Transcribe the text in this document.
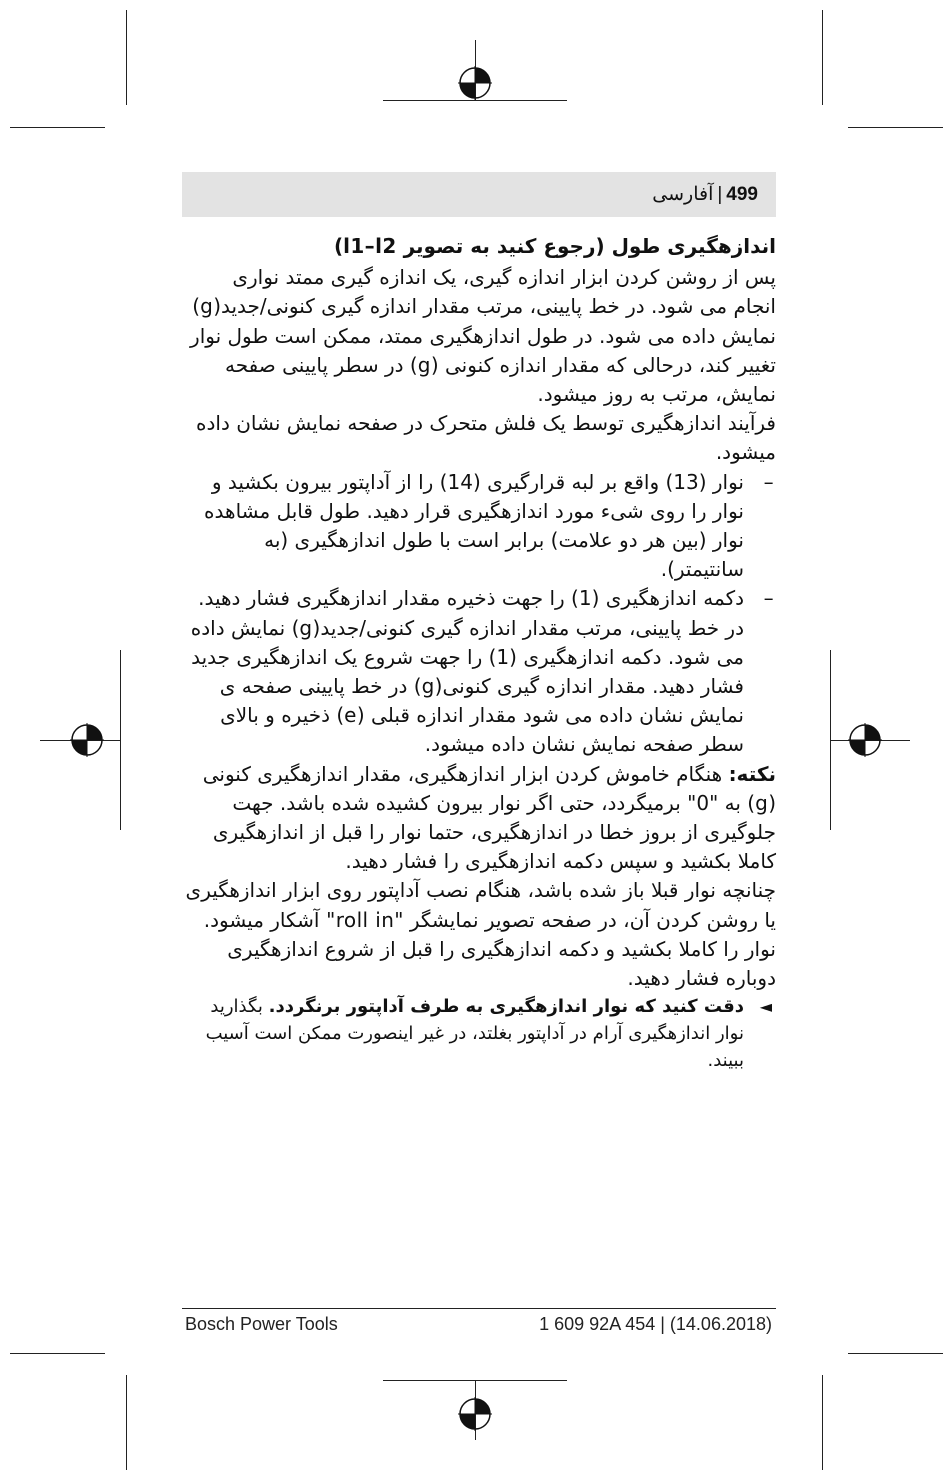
499
|
آفارسی

اندازهگیری طول (رجوع کنید به تصویر l1–l2)

پس از روشن کردن ابزار اندازه گیری، یک اندازه گیری ممتد نواری انجام می شود. در خط پایینی، مرتب مقدار اندازه گیری کنونی/جدید(g) نمایش داده می شود. در طول اندازهگیری ممتد، ممکن است طول نوار تغییر کند، درحالی که مقدار اندازه کنونی (g) در سطر پایینی صفحه نمایش، مرتب به روز میشود.

فرآیند اندازهگیری توسط یک فلش متحرک در صفحه نمایش نشان داده میشود.

–
نوار (13) واقع بر لبه قرارگیری (14) را از آداپتور بیرون بکشید و نوار را روی شیء مورد اندازهگیری قرار دهید. طول قابل مشاهده نوار (بین هر دو علامت) برابر است با طول اندازهگیری (به سانتیمتر).
–
دکمه اندازهگیری (1) را جهت ذخیره مقدار اندازهگیری فشار دهید. در خط پایینی، مرتب مقدار اندازه گیری کنونی/جدید(g) نمایش داده می شود. دکمه اندازهگیری (1) را جهت شروع یک اندازهگیری جدید فشار دهید. مقدار اندازه گیری کنونی(g) در خط پایینی صفحه ی نمایش نشان داده می شود مقدار اندازه قبلی (e) ذخیره و بالای سطر صفحه نمایش نشان داده میشود.

نکته: هنگام خاموش کردن ابزار اندازهگیری، مقدار اندازهگیری کنونی (g) به "0" برمیگردد، حتی اگر نوار بیرون کشیده شده باشد. جهت جلوگیری از بروز خطا در اندازهگیری، حتما نوار را قبل از اندازهگیری کاملا بکشید و سپس دکمه اندازهگیری را فشار دهید.

چنانچه نوار قبلا باز شده باشد، هنگام نصب آداپتور روی ابزار اندازهگیری یا روشن کردن آن، در صفحه تصویر نمایشگر "roll in" آشکار میشود. نوار را کاملا بکشید و دکمه اندازهگیری را قبل از شروع اندازهگیری دوباره فشار دهید.

◄
دقت کنید که نوار اندازهگیری به طرف آداپتور برنگردد. بگذارید نوار اندازهگیری آرام در آداپتور بغلتد، در غیر اینصورت ممکن است آسیب ببیند.

Bosch Power Tools	1 609 92A 454 | (14.06.2018)
